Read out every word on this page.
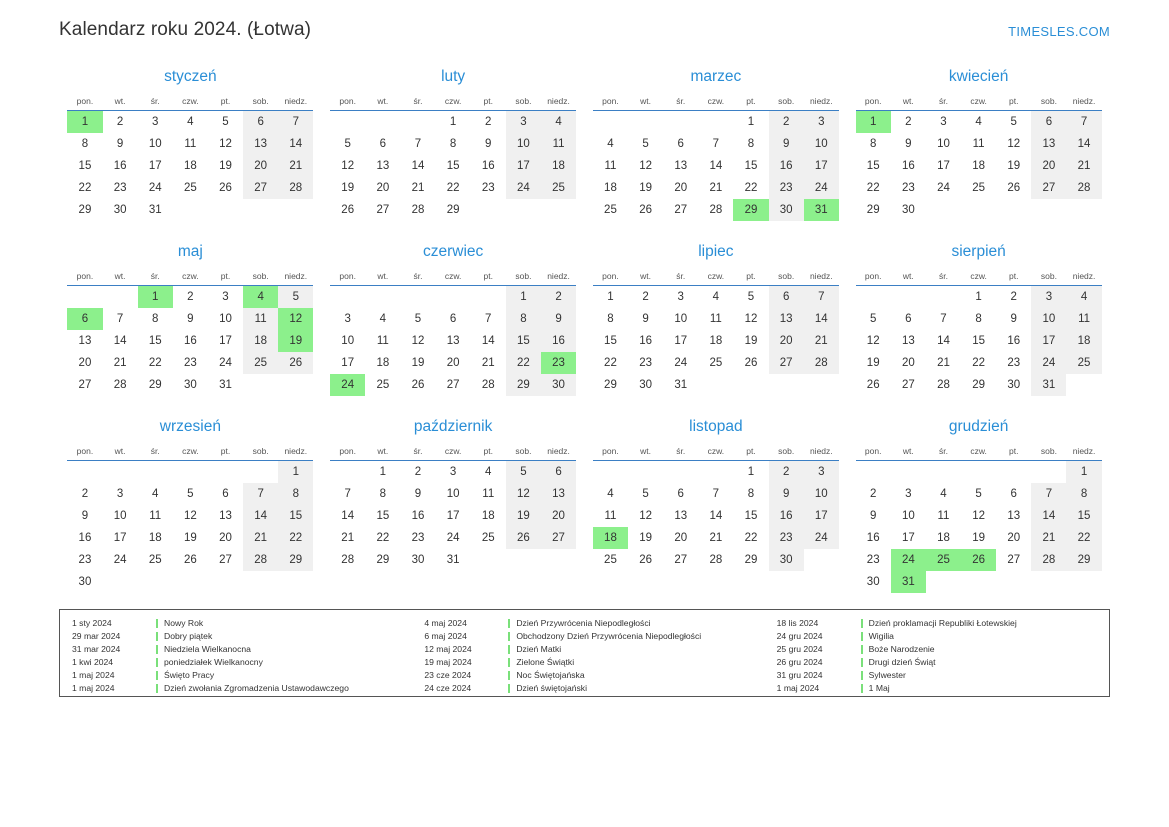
Kalendarz roku 2024. (Łotwa)	TIMESLES.COM
styczeń
pon.	wt.	śr.	czw.	pt.	sob.	niedz.
1	2	3	4	5	6	7
8	9	10	11	12	13	14
15	16	17	18	19	20	21
22	23	24	25	26	27	28
29	30	31				
luty
pon.	wt.	śr.	czw.	pt.	sob.	niedz.
			1	2	3	4
5	6	7	8	9	10	11
12	13	14	15	16	17	18
19	20	21	22	23	24	25
26	27	28	29			
marzec
pon.	wt.	śr.	czw.	pt.	sob.	niedz.
				1	2	3
4	5	6	7	8	9	10
11	12	13	14	15	16	17
18	19	20	21	22	23	24
25	26	27	28	29	30	31
kwiecień
pon.	wt.	śr.	czw.	pt.	sob.	niedz.
1	2	3	4	5	6	7
8	9	10	11	12	13	14
15	16	17	18	19	20	21
22	23	24	25	26	27	28
29	30					
maj
pon.	wt.	śr.	czw.	pt.	sob.	niedz.
		1	2	3	4	5
6	7	8	9	10	11	12
13	14	15	16	17	18	19
20	21	22	23	24	25	26
27	28	29	30	31		
czerwiec
pon.	wt.	śr.	czw.	pt.	sob.	niedz.
					1	2
3	4	5	6	7	8	9
10	11	12	13	14	15	16
17	18	19	20	21	22	23
24	25	26	27	28	29	30
lipiec
pon.	wt.	śr.	czw.	pt.	sob.	niedz.
1	2	3	4	5	6	7
8	9	10	11	12	13	14
15	16	17	18	19	20	21
22	23	24	25	26	27	28
29	30	31				
sierpień
pon.	wt.	śr.	czw.	pt.	sob.	niedz.
			1	2	3	4
5	6	7	8	9	10	11
12	13	14	15	16	17	18
19	20	21	22	23	24	25
26	27	28	29	30	31	
wrzesień
pon.	wt.	śr.	czw.	pt.	sob.	niedz.
						1
2	3	4	5	6	7	8
9	10	11	12	13	14	15
16	17	18	19	20	21	22
23	24	25	26	27	28	29
30						
październik
pon.	wt.	śr.	czw.	pt.	sob.	niedz.
	1	2	3	4	5	6
7	8	9	10	11	12	13
14	15	16	17	18	19	20
21	22	23	24	25	26	27
28	29	30	31			
listopad
pon.	wt.	śr.	czw.	pt.	sob.	niedz.
				1	2	3
4	5	6	7	8	9	10
11	12	13	14	15	16	17
18	19	20	21	22	23	24
25	26	27	28	29	30	
grudzień
pon.	wt.	śr.	czw.	pt.	sob.	niedz.
						1
2	3	4	5	6	7	8
9	10	11	12	13	14	15
16	17	18	19	20	21	22
23	24	25	26	27	28	29
30	31					
1 sty 2024	Nowy Rok
29 mar 2024	Dobry piątek
31 mar 2024	Niedziela Wielkanocna
1 kwi 2024	poniedziałek Wielkanocny
1 maj 2024	Święto Pracy
1 maj 2024	Dzień zwołania Zgromadzenia Ustawodawczego
4 maj 2024	Dzień Przywrócenia Niepodległości
6 maj 2024	Obchodzony Dzień Przywrócenia Niepodległości
12 maj 2024	Dzień Matki
19 maj 2024	Zielone Świątki
23 cze 2024	Noc Świętojańska
24 cze 2024	Dzień świętojański
18 lis 2024	Dzień proklamacji Republiki Łotewskiej
24 gru 2024	Wigilia
25 gru 2024	Boże Narodzenie
26 gru 2024	Drugi dzień Świąt
31 gru 2024	Sylwester
1 maj 2024	1 Maj
